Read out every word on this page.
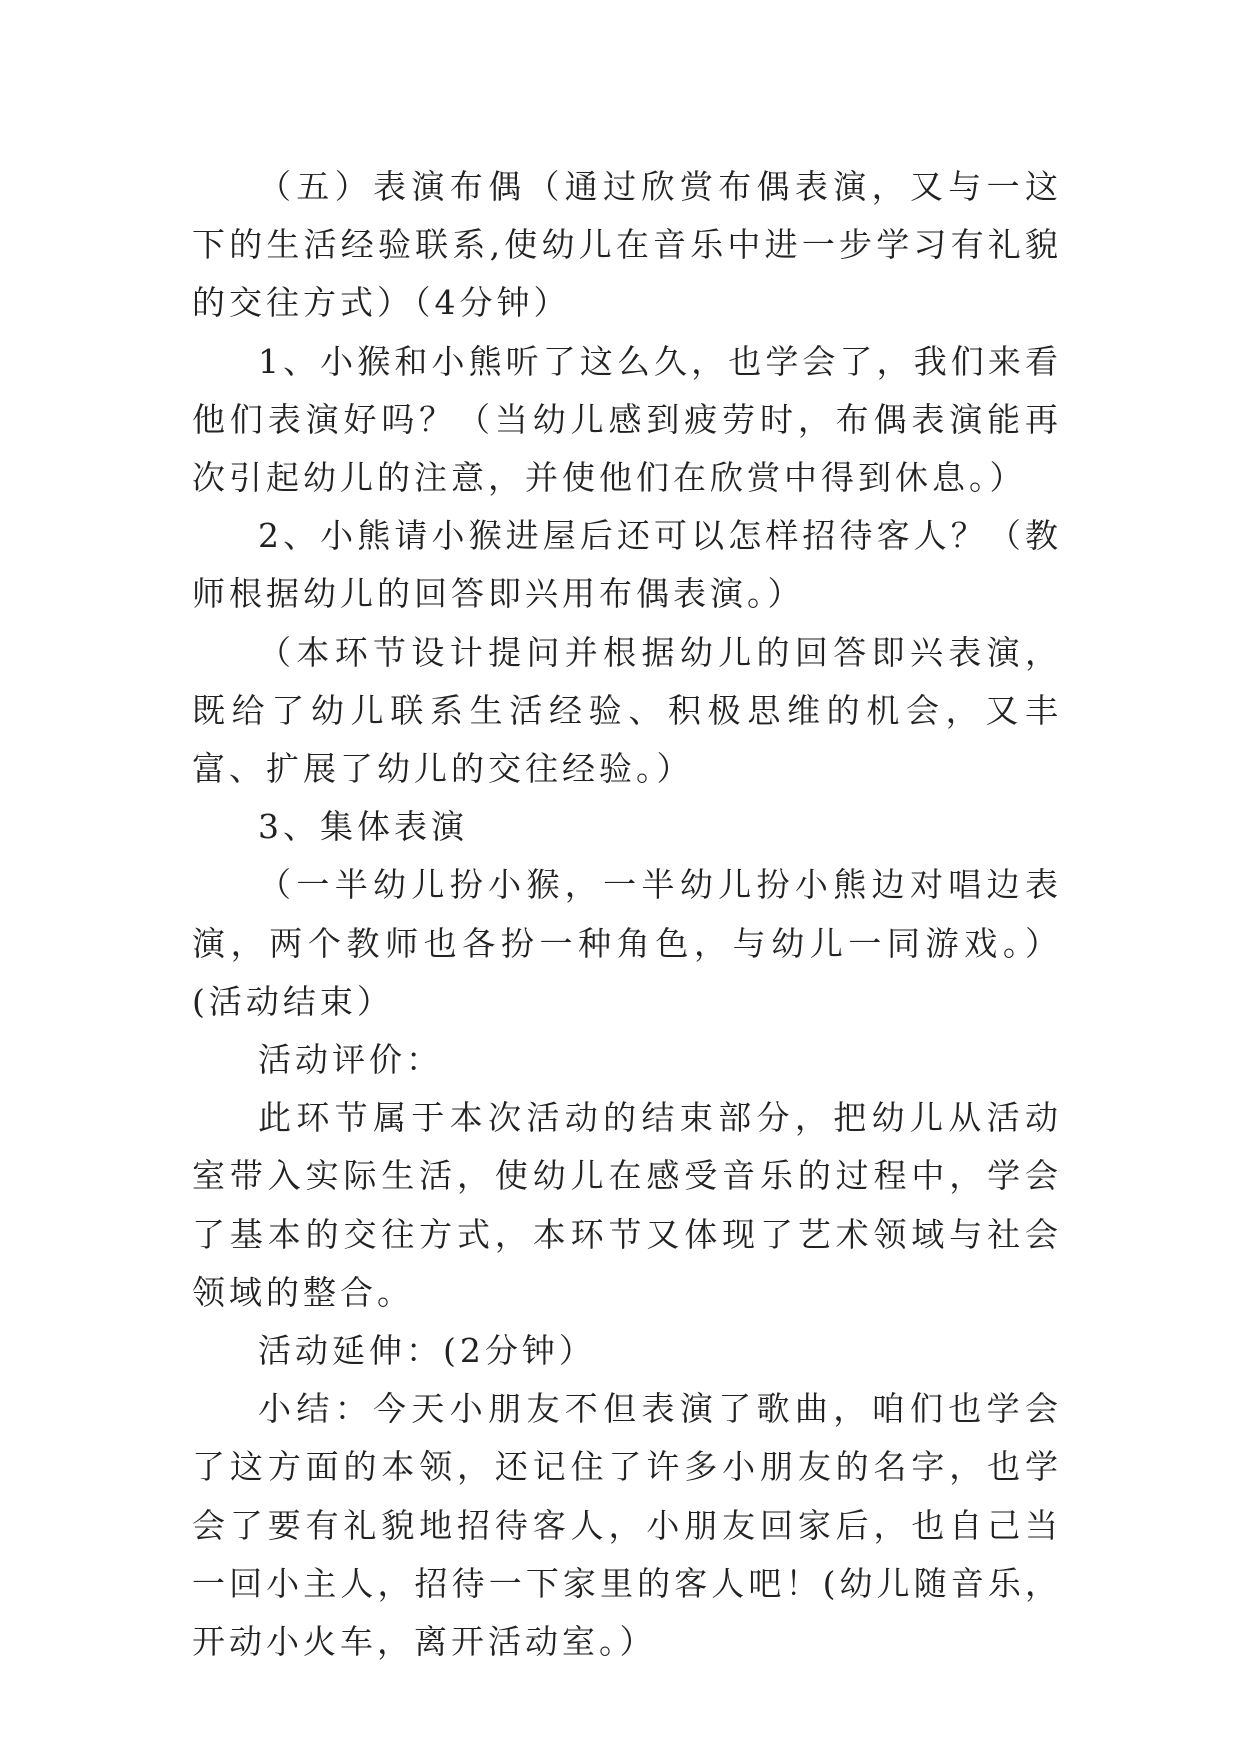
（五）表演布偶（通过欣赏布偶表演，又与一这下的生活经验联系,使幼儿在音乐中进一步学习有礼貌的交往方式）（4分钟）

1、小猴和小熊听了这么久，也学会了，我们来看他们表演好吗？（当幼儿感到疲劳时，布偶表演能再次引起幼儿的注意，并使他们在欣赏中得到休息。）

2、小熊请小猴进屋后还可以怎样招待客人？（教师根据幼儿的回答即兴用布偶表演。）

（本环节设计提问并根据幼儿的回答即兴表演，既给了幼儿联系生活经验、积极思维的机会，又丰富、扩展了幼儿的交往经验。）

3、集体表演

（一半幼儿扮小猴，一半幼儿扮小熊边对唱边表演，两个教师也各扮一种角色，与幼儿一同游戏。）(活动结束）

活动评价：

此环节属于本次活动的结束部分，把幼儿从活动室带入实际生活，使幼儿在感受音乐的过程中，学会了基本的交往方式，本环节又体现了艺术领域与社会领域的整合。

活动延伸：(2分钟）

小结：今天小朋友不但表演了歌曲，咱们也学会了这方面的本领，还记住了许多小朋友的名字，也学会了要有礼貌地招待客人，小朋友回家后，也自己当一回小主人，招待一下家里的客人吧！(幼儿随音乐，开动小火车，离开活动室。）
